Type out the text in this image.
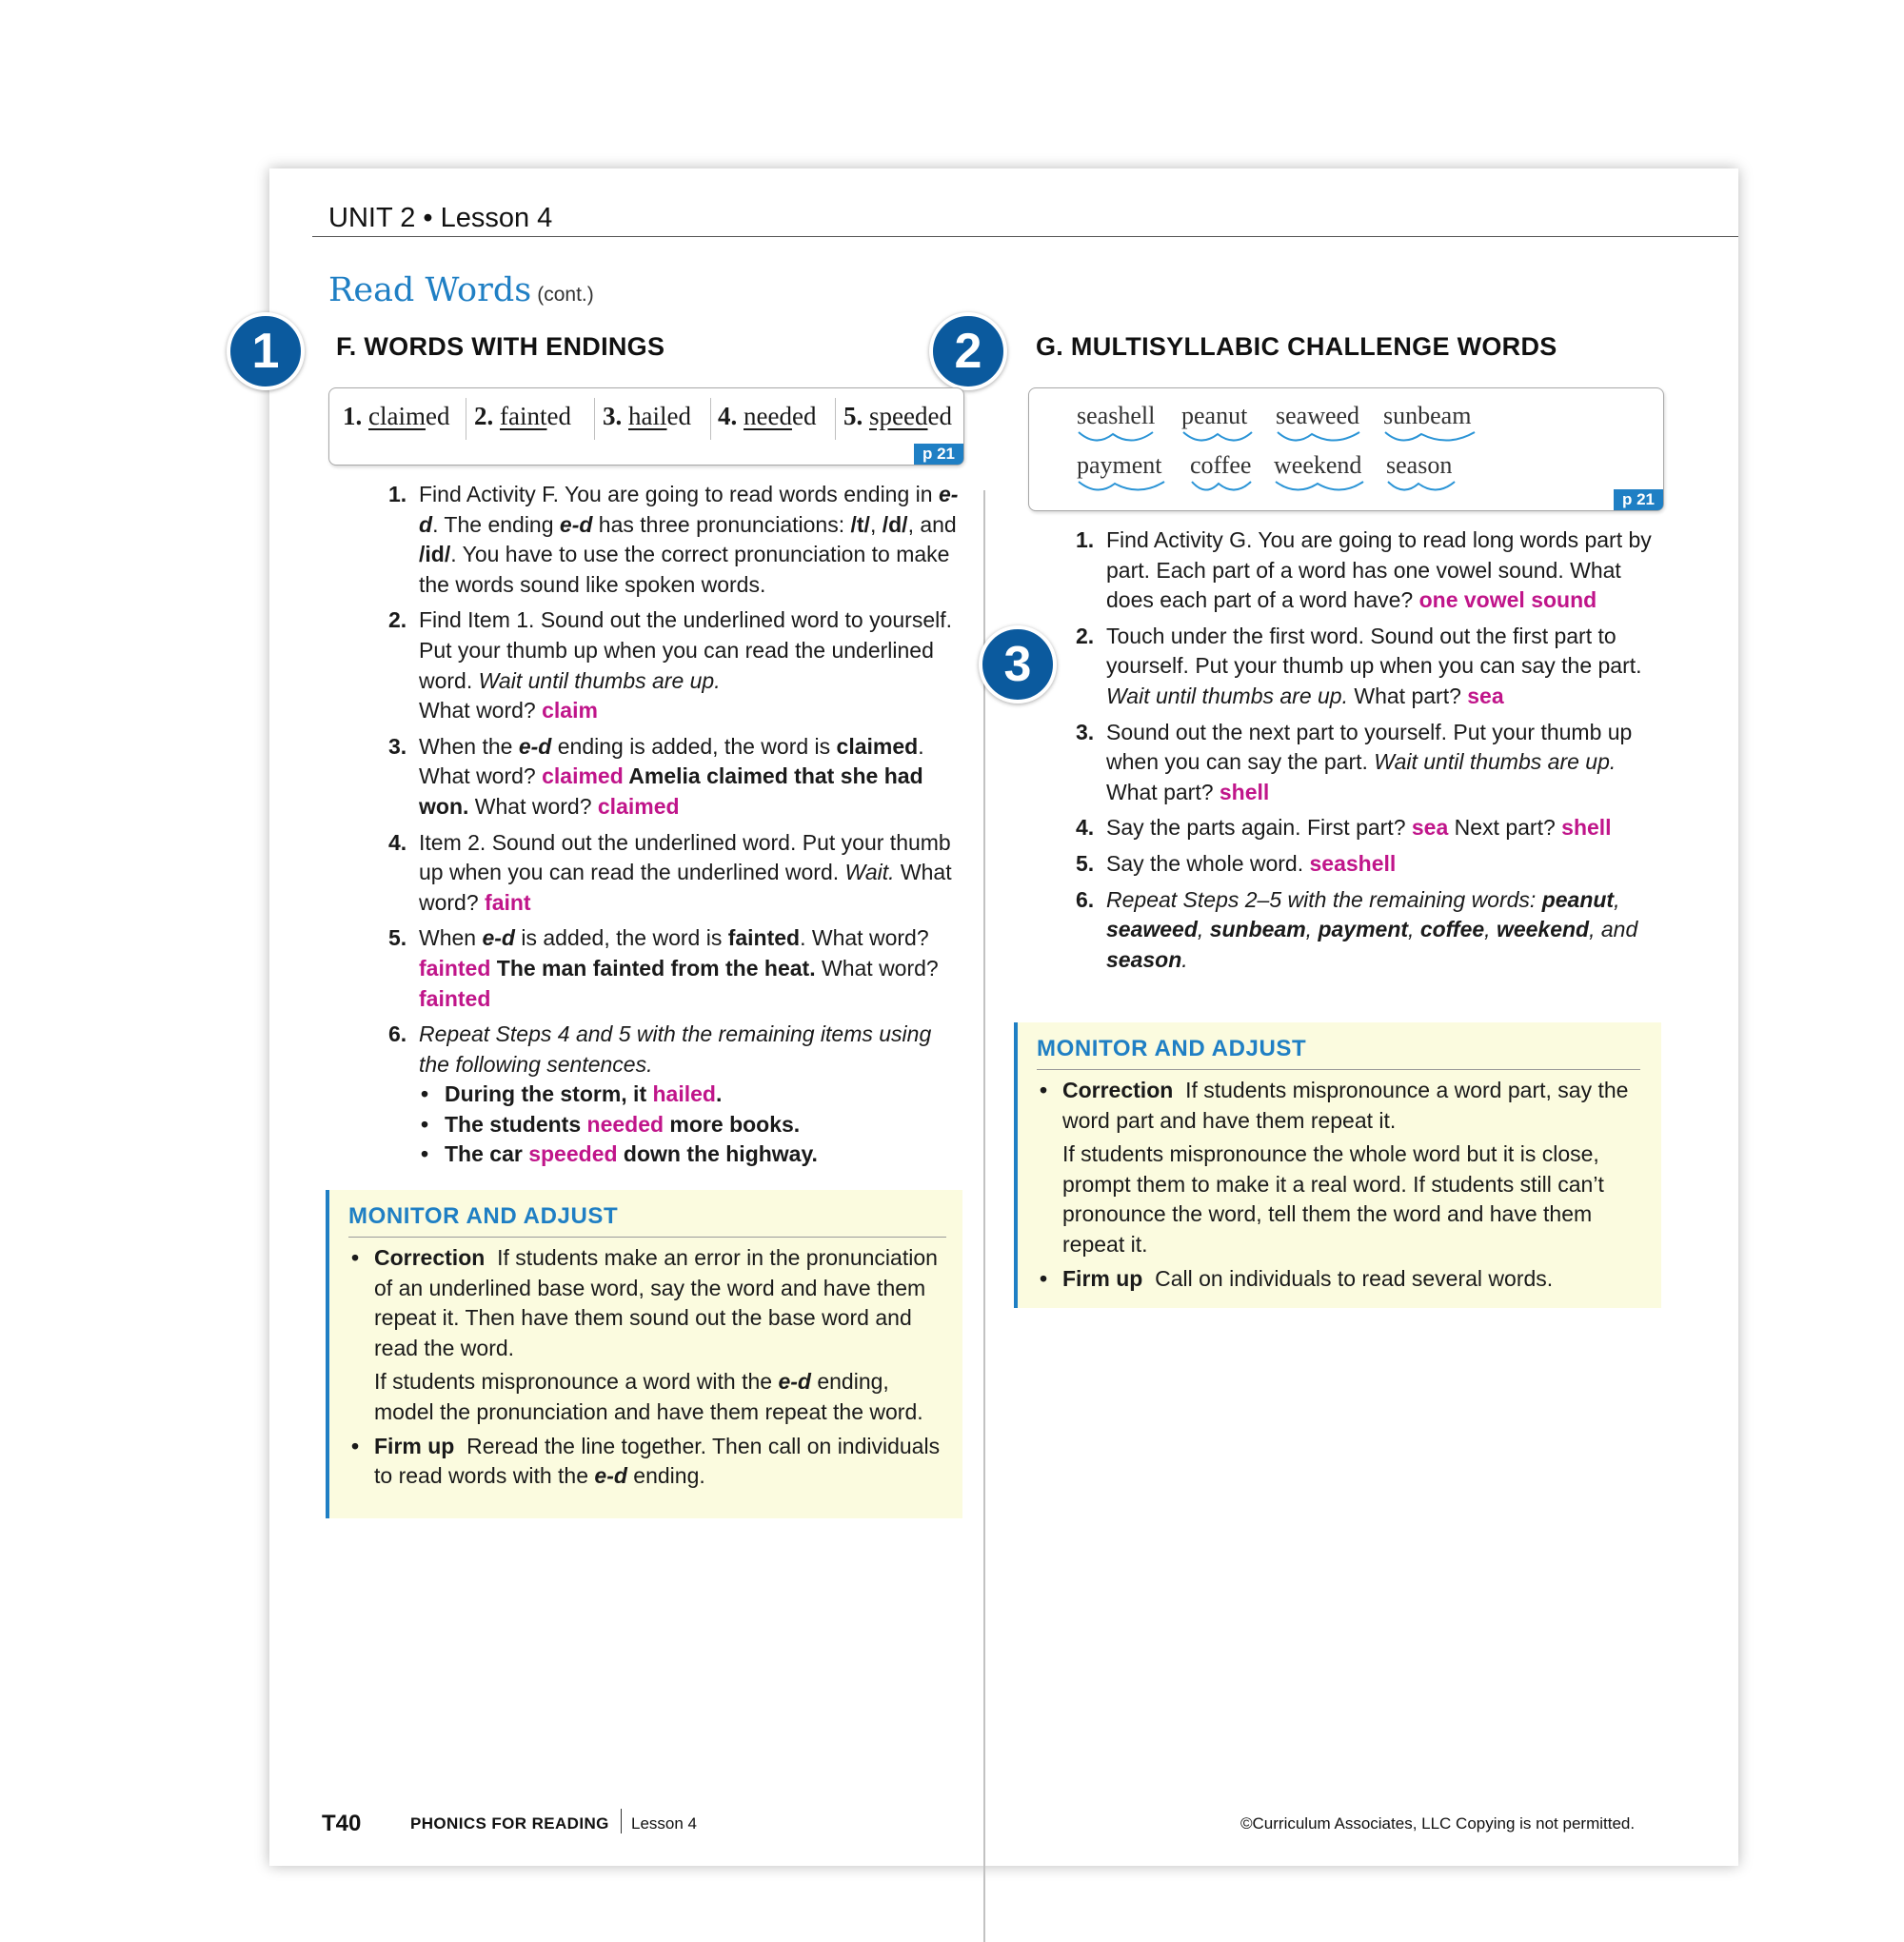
UNIT 2 • Lesson 4
Read Words (cont.)
1	2
3
F. WORDS WITH ENDINGS
1. claimed 2. fainted 3. hailed 4. needed 5. speeded
p 21
1. Find Activity F. You are going to read words ending in e-d. The ending e-d has three pronunciations: /t/, /d/, and /id/. You have to use the correct pronunciation to make the words sound like spoken words.
2. Find Item 1. Sound out the underlined word to yourself. Put your thumb up when you can read the underlined word. Wait until thumbs are up.
What word? claim
3. When the e-d ending is added, the word is claimed. What word? claimed Amelia claimed that she had won. What word? claimed
4. Item 2. Sound out the underlined word. Put your thumb up when you can read the underlined word. Wait. What word? faint
5. When e-d is added, the word is fainted. What word? fainted The man fainted from the heat. What word? fainted
6. Repeat Steps 4 and 5 with the remaining items using the following sentences.
• During the storm, it hailed.
• The students needed more books.
• The car speeded down the highway.
MONITOR AND ADJUST
• Correction If students make an error in the pronunciation of an underlined base word, say the word and have them repeat it. Then have them sound out the base word and read the word.

If students mispronounce a word with the e-d ending, model the pronunciation and have them repeat the word.

• Firm up Reread the line together. Then call on individuals to read words with the e-d ending.
G. MULTISYLLABIC CHALLENGE WORDS
seashell peanut seaweed sunbeam
payment coffee weekend season
p 21
1. Find Activity G. You are going to read long words part by part. Each part of a word has one vowel sound. What does each part of a word have? one vowel sound
2. Touch under the first word. Sound out the first part to yourself. Put your thumb up when you can say the part. Wait until thumbs are up. What part? sea
3. Sound out the next part to yourself. Put your thumb up when you can say the part. Wait until thumbs are up. What part? shell
4. Say the parts again. First part? sea Next part? shell
5. Say the whole word. seashell
6. Repeat Steps 2–5 with the remaining words: peanut, seaweed, sunbeam, payment, coffee, weekend, and season.
MONITOR AND ADJUST
• Correction If students mispronounce a word part, say the word part and have them repeat it.

If students mispronounce the whole word but it is close, prompt them to make it a real word. If students still can’t pronounce the word, tell them the word and have them repeat it.

• Firm up Call on individuals to read several words.
T40	PHONICS FOR READING Lesson 4	©Curriculum Associates, LLC Copying is not permitted.
